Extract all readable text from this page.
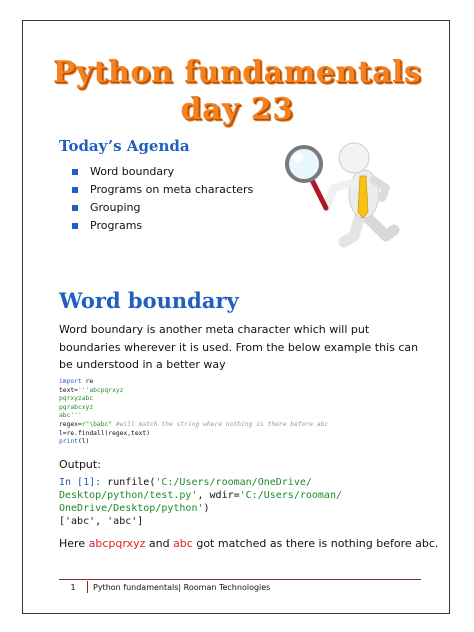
Python fundamentals
day 23
Today’s Agenda
Word boundary
Programs on meta characters
Grouping
Programs
Word boundary
Word boundary is another meta character which will put boundaries wherever it is used. From the below example this can be understood in a better way
import re
text='''abcpqrxyz
pqrxyzabc
pqrabcxyz
abc'''
regex=r"\babc" #will match the string where nothing is there before abc
l=re.findall(regex,text)
print(l)
Output:
In [1]: runfile('C:/Users/rooman/OneDrive/
Desktop/python/test.py', wdir='C:/Users/rooman/
OneDrive/Desktop/python')
['abc', 'abc']
Here abcpqrxyz and abc got matched as there is nothing before abc.
1	Python fundamentals| Rooman Technologies
